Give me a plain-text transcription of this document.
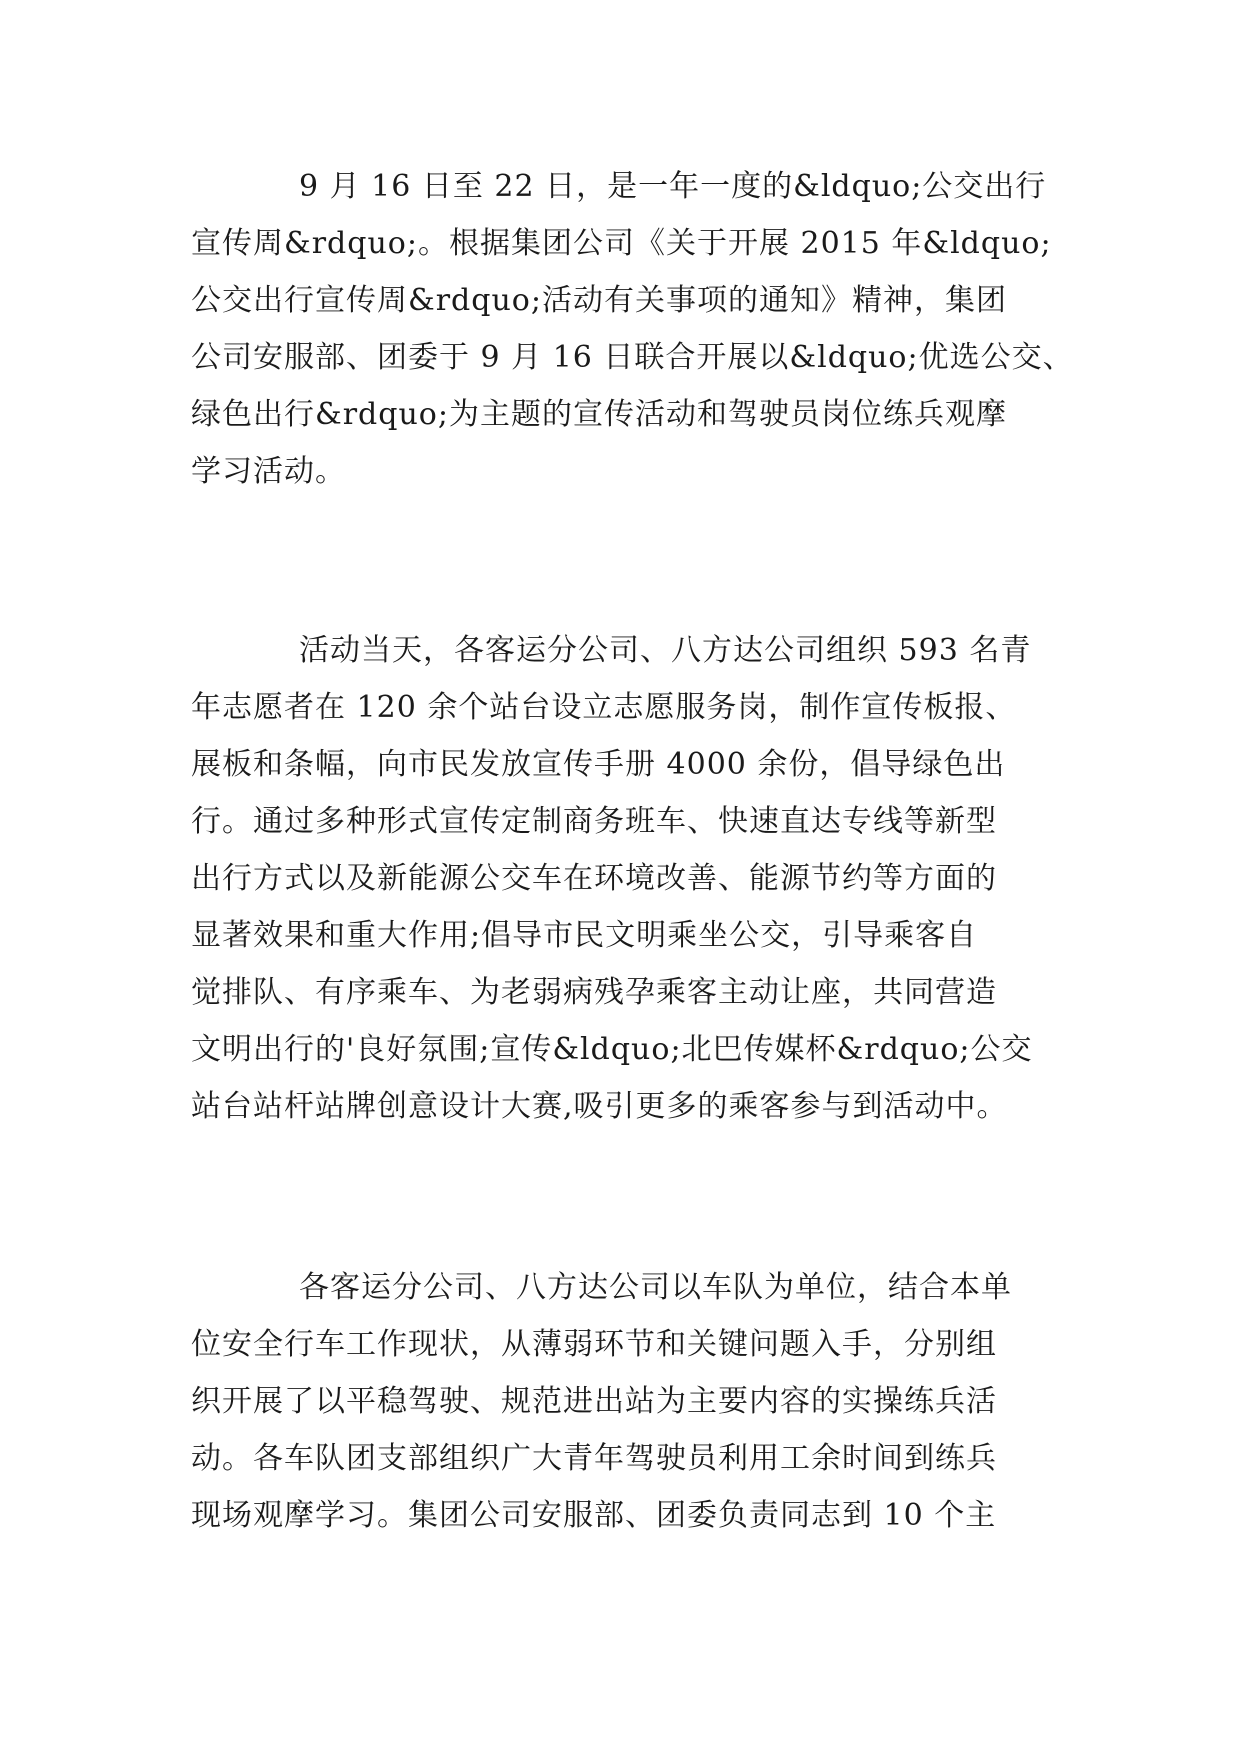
9 月 16 日至 22 日，是一年一度的&ldquo;公交出行
宣传周&rdquo;。根据集团公司《关于开展 2015 年&ldquo;
公交出行宣传周&rdquo;活动有关事项的通知》精神，集团
公司安服部、团委于 9 月 16 日联合开展以&ldquo;优选公交、
绿色出行&rdquo;为主题的宣传活动和驾驶员岗位练兵观摩
学习活动。

活动当天，各客运分公司、八方达公司组织 593 名青
年志愿者在 120 余个站台设立志愿服务岗，制作宣传板报、
展板和条幅，向市民发放宣传手册 4000 余份，倡导绿色出
行。通过多种形式宣传定制商务班车、快速直达专线等新型
出行方式以及新能源公交车在环境改善、能源节约等方面的
显著效果和重大作用;倡导市民文明乘坐公交，引导乘客自
觉排队、有序乘车、为老弱病残孕乘客主动让座，共同营造
文明出行的'良好氛围;宣传&ldquo;北巴传媒杯&rdquo;公交
站台站杆站牌创意设计大赛,吸引更多的乘客参与到活动中。

各客运分公司、八方达公司以车队为单位，结合本单
位安全行车工作现状，从薄弱环节和关键问题入手，分别组
织开展了以平稳驾驶、规范进出站为主要内容的实操练兵活
动。各车队团支部组织广大青年驾驶员利用工余时间到练兵
现场观摩学习。集团公司安服部、团委负责同志到 10 个主
